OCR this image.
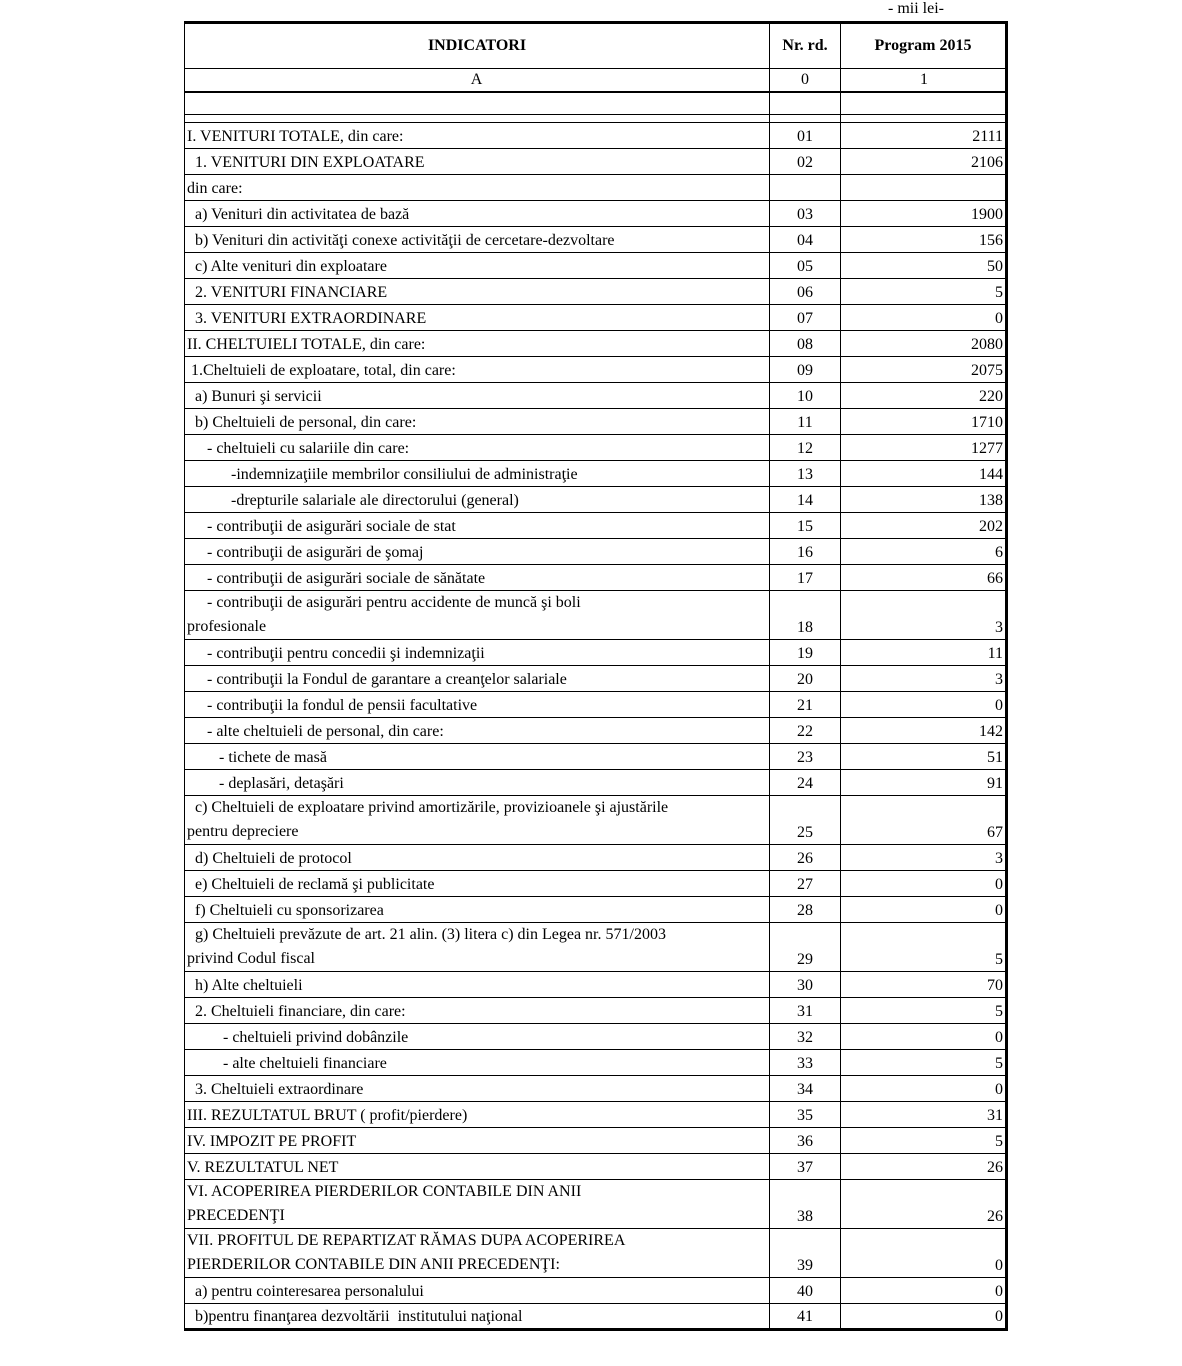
- mii lei-
INDICATORI	Nr. rd.	Program 2015
A	0	1

I. VENITURI TOTALE, din care:	01	2111
1. VENITURI DIN EXPLOATARE	02	2106
din care:		
a) Venituri din activitatea de bază	03	1900
b) Venituri din activităţi conexe activităţii de cercetare-dezvoltare	04	156
c) Alte venituri din exploatare	05	50
2. VENITURI FINANCIARE	06	5
3. VENITURI EXTRAORDINARE	07	0
II. CHELTUIELI TOTALE, din care:	08	2080
1.Cheltuieli de exploatare, total, din care:	09	2075
a) Bunuri şi servicii	10	220
b) Cheltuieli de personal, din care:	11	1710
- cheltuieli cu salariile din care:	12	1277
-indemnizaţiile membrilor consiliului de administraţie	13	144
-drepturile salariale ale directorului (general)	14	138
- contribuţii de asigurări sociale de stat	15	202
- contribuţii de asigurări de şomaj	16	6
- contribuţii de asigurări sociale de sănătate	17	66
- contribuţii de asigurări pentru accidente de muncă şi boli
profesionale	18	3
- contribuţii pentru concedii şi indemnizaţii	19	11
- contribuţii la Fondul de garantare a creanţelor salariale	20	3
- contribuţii la fondul de pensii facultative	21	0
- alte cheltuieli de personal, din care:	22	142
- tichete de masă	23	51
- deplasări, detaşări	24	91
c) Cheltuieli de exploatare privind amortizările, provizioanele şi ajustările
pentru depreciere	25	67
d) Cheltuieli de protocol	26	3
e) Cheltuieli de reclamă şi publicitate	27	0
f) Cheltuieli cu sponsorizarea	28	0
g) Cheltuieli prevăzute de art. 21 alin. (3) litera c) din Legea nr. 571/2003
privind Codul fiscal	29	5
h) Alte cheltuieli	30	70
2. Cheltuieli financiare, din care:	31	5
- cheltuieli privind dobânzile	32	0
- alte cheltuieli financiare	33	5
3. Cheltuieli extraordinare	34	0
III. REZULTATUL BRUT ( profit/pierdere)	35	31
IV. IMPOZIT PE PROFIT	36	5
V. REZULTATUL NET	37	26
VI. ACOPERIREA PIERDERILOR CONTABILE DIN ANII
PRECEDENŢI	38	26
VII. PROFITUL DE REPARTIZAT RĂMAS DUPA ACOPERIREA
PIERDERILOR CONTABILE DIN ANII PRECEDENŢI:	39	0
a) pentru cointeresarea personalului	40	0
b)pentru finanţarea dezvoltării  institutului naţional	41	0
